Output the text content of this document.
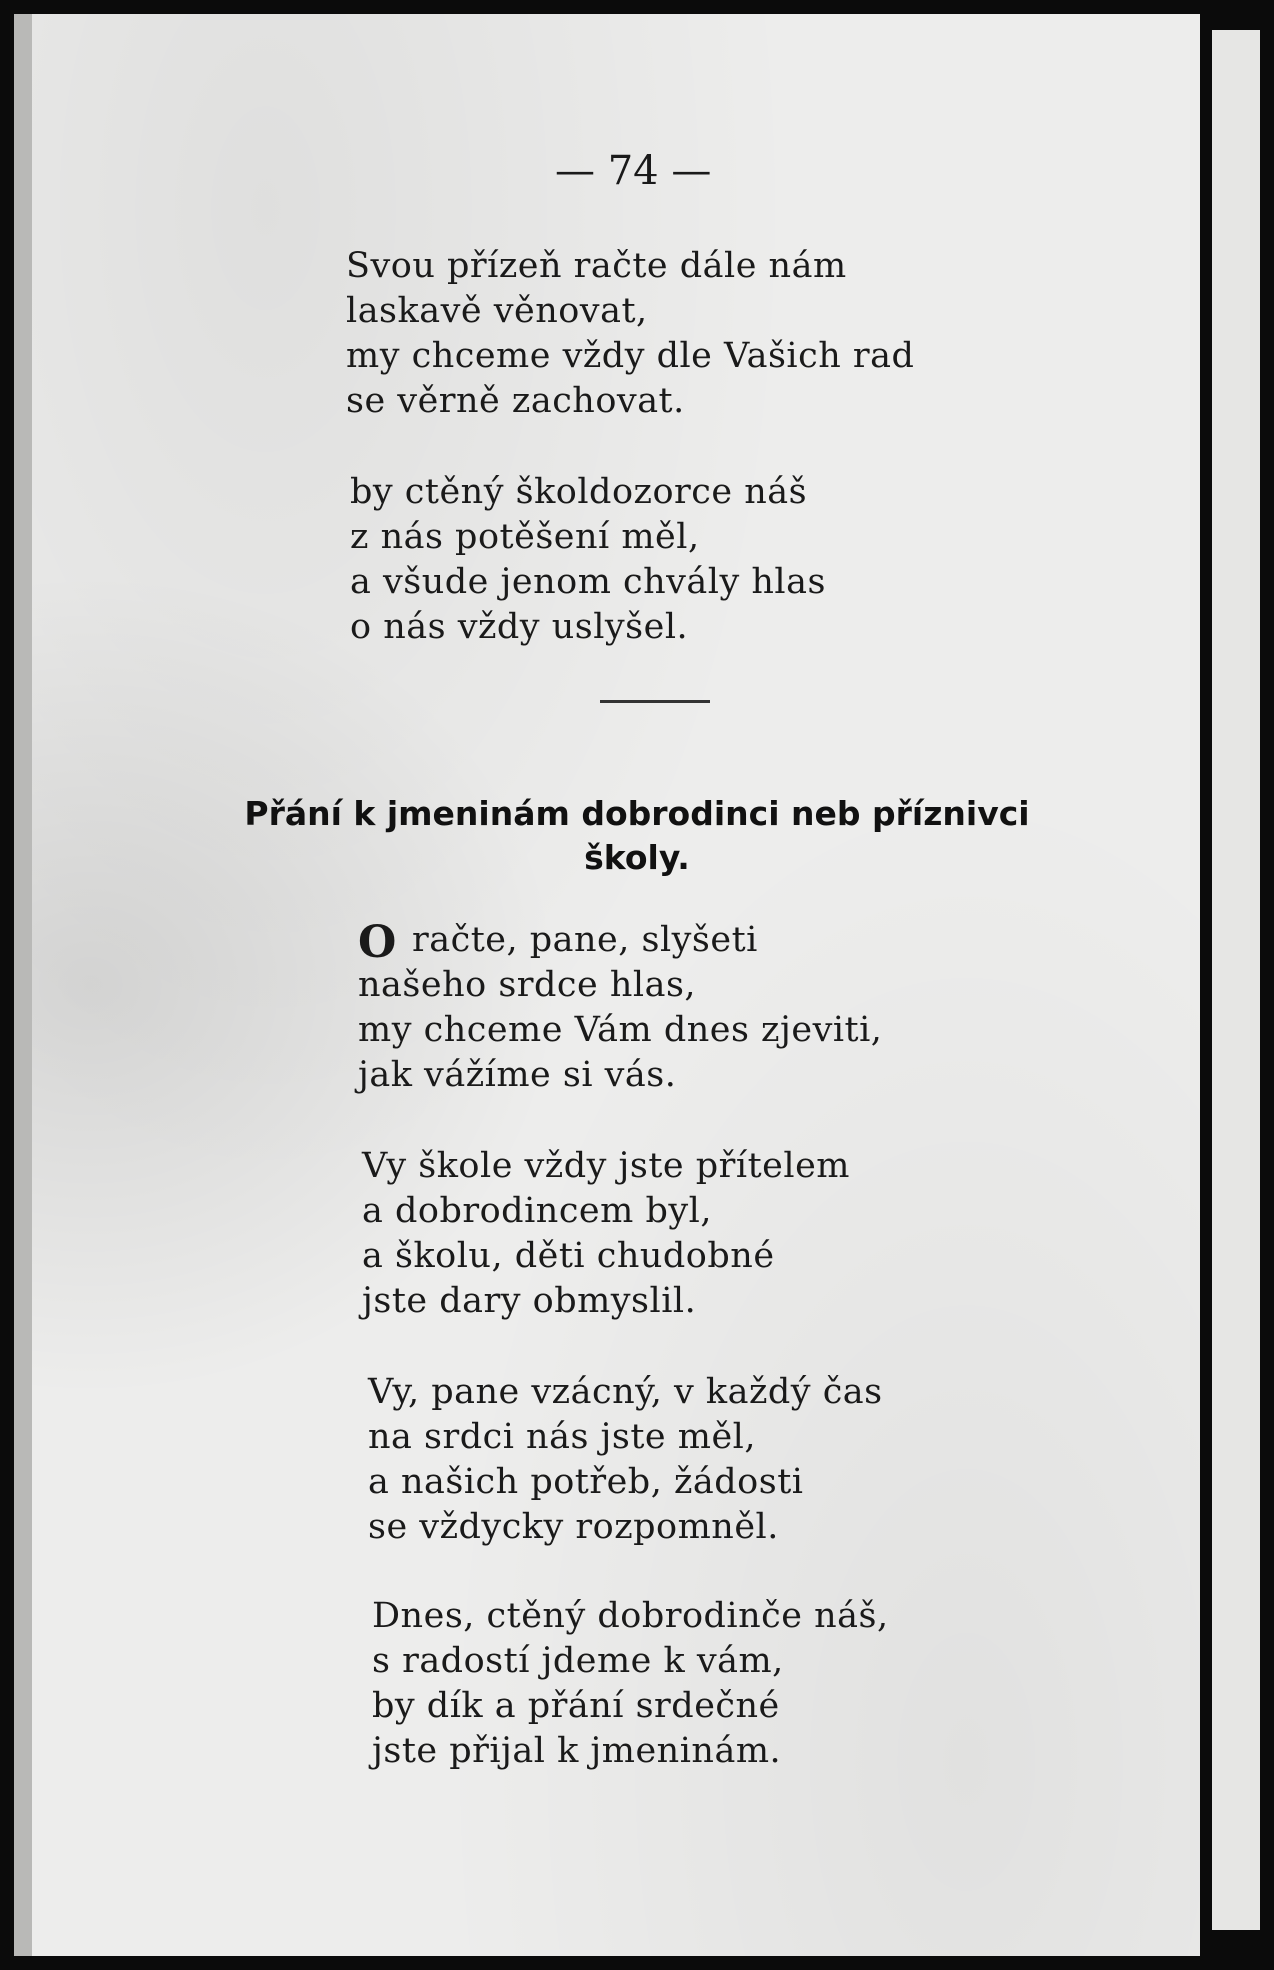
— 74 —
Svou přízeň račte dále nám
laskavě věnovat,
my chceme vždy dle Vašich rad
se věrně zachovat.
by ctěný školdozorce náš
z nás potěšení měl,
a všude jenom chvály hlas
o nás vždy uslyšel.
Přání k jmeninám dobrodinci neb příznivci
školy.
O račte, pane, slyšeti
našeho srdce hlas,
my chceme Vám dnes zjeviti,
jak vážíme si vás.
Vy škole vždy jste přítelem
a dobrodincem byl,
a školu, děti chudobné
jste dary obmyslil.
Vy, pane vzácný, v každý čas
na srdci nás jste měl,
a našich potřeb, žádosti
se vždycky rozpomněl.
Dnes, ctěný dobrodinče náš,
s radostí jdeme k vám,
by dík a přání srdečné
jste přijal k jmeninám.
